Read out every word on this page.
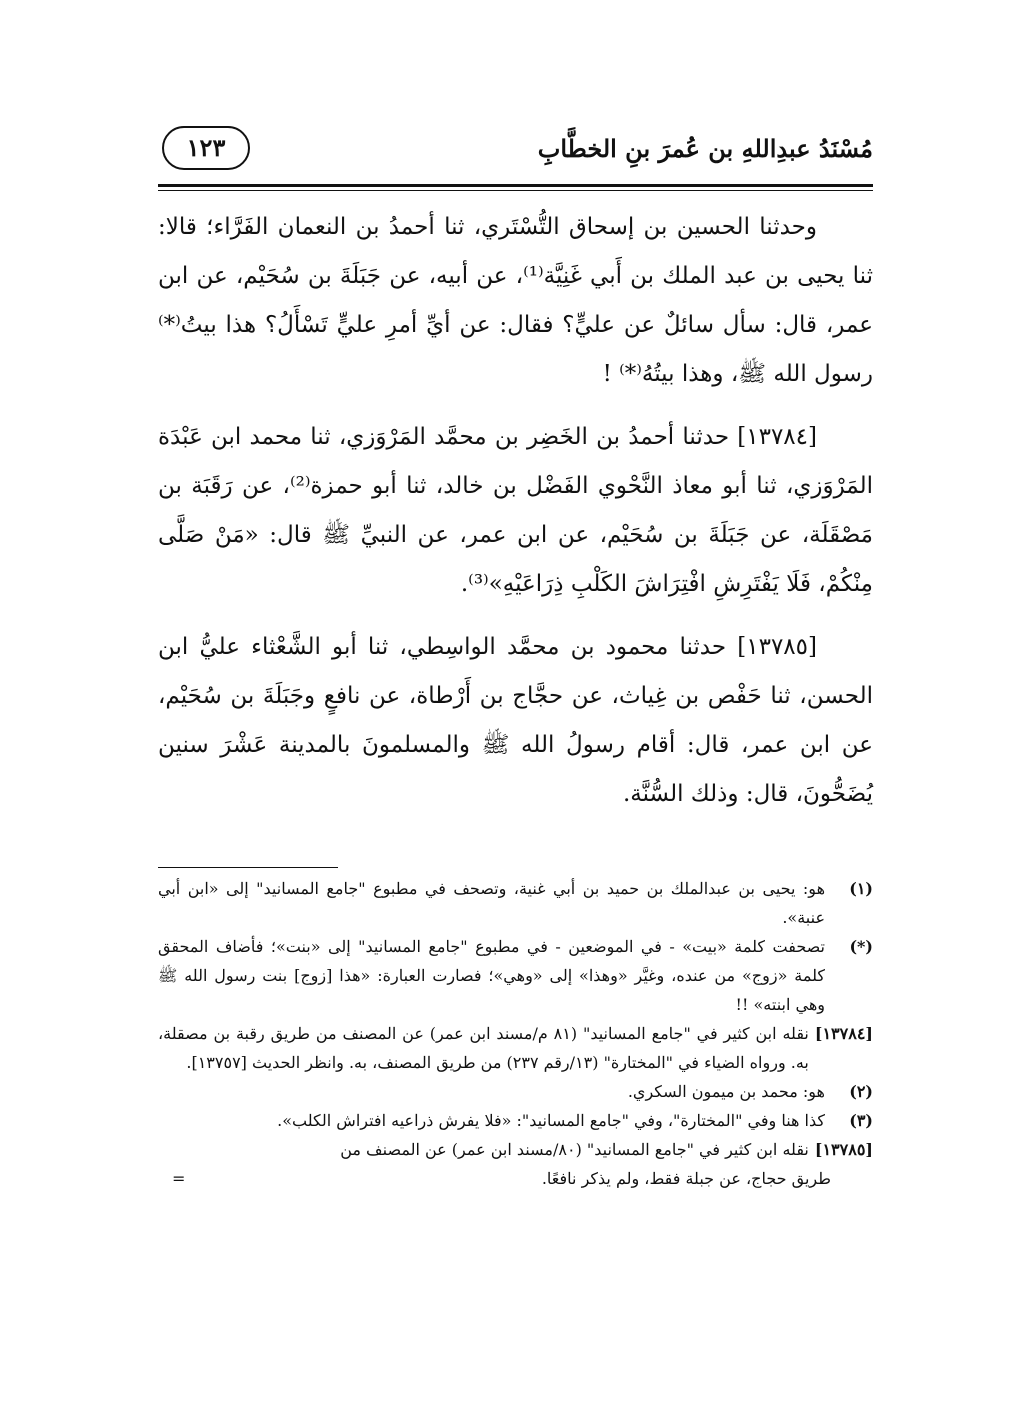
مُسْنَدُ عبدِاللهِ بن عُمرَ بنِ الخطَّابِ
١٢٣

وحدثنا الحسين بن إسحاق التُّسْتَري، ثنا أحمدُ بن النعمان الفَرَّاء؛ قالا: ثنا يحيى بن عبد الملك بن أَبي غَنِيَّة⁽¹⁾، عن أبيه، عن جَبَلَةَ بن سُحَيْم، عن ابن عمر، قال: سأل سائلٌ عن عليٍّ؟ فقال: عن أيِّ أمرِ عليٍّ تَسْأَلُ؟ هذا بيتُ⁽*⁾ رسول الله ﷺ، وهذا بيتُهُ⁽*⁾ !

[١٣٧٨٤] حدثنا أحمدُ بن الخَضِر بن محمَّد المَرْوَزي، ثنا محمد ابن عَبْدَة المَرْوَزي، ثنا أبو معاذ النَّحْوي الفَضْل بن خالد، ثنا أبو حمزة⁽²⁾، عن رَقَبَة بن مَصْقَلَة، عن جَبَلَةَ بن سُحَيْم، عن ابن عمر، عن النبيِّ ﷺ قال: «مَنْ صَلَّى مِنْكُمْ، فَلَا يَفْتَرِشِ افْتِرَاشَ الكَلْبِ ذِرَاعَيْهِ»⁽³⁾.

[١٣٧٨٥] حدثنا محمود بن محمَّد الواسِطي، ثنا أبو الشَّعْثاء عليُّ ابن الحسن، ثنا حَفْص بن غِياث، عن حجَّاج بن أَرْطاة، عن نافعٍ وجَبَلَةَ بن سُحَيْم، عن ابن عمر، قال: أقام رسولُ الله ﷺ والمسلمونَ بالمدينة عَشْرَ سنين يُضَحُّونَ، قال: وذلك السُّنَّة.

(١)
هو: يحيى بن عبدالملك بن حميد بن أبي غنية، وتصحف في مطبوع "جامع المسانيد" إلى «ابن أبي عنبة».
(*)
تصحفت كلمة «بيت» - في الموضعين - في مطبوع "جامع المسانيد" إلى «بنت»؛ فأضاف المحقق كلمة «زوج» من عنده، وغيَّر «وهذا» إلى «وهي»؛ فصارت العبارة: «هذا [زوج] بنت رسول الله ﷺ وهي ابنته» !!
[١٣٧٨٤]
نقله ابن كثير في "جامع المسانيد" (٨١ م/مسند ابن عمر) عن المصنف من طريق رقبة بن مصقلة، به. ورواه الضياء في "المختارة" (١٣/رقم ٢٣٧) من طريق المصنف، به. وانظر الحديث [١٣٧٥٧].
(٢)
هو: محمد بن ميمون السكري.
(٣)
كذا هنا وفي "المختارة"، وفي "جامع المسانيد": «فلا يفرش ذراعيه افتراش الكلب».
[١٣٧٨٥]
نقله ابن كثير في "جامع المسانيد" (٨٠/مسند ابن عمر) عن المصنف من
طريق حجاج، عن جبلة فقط، ولم يذكر نافعًا.
=
